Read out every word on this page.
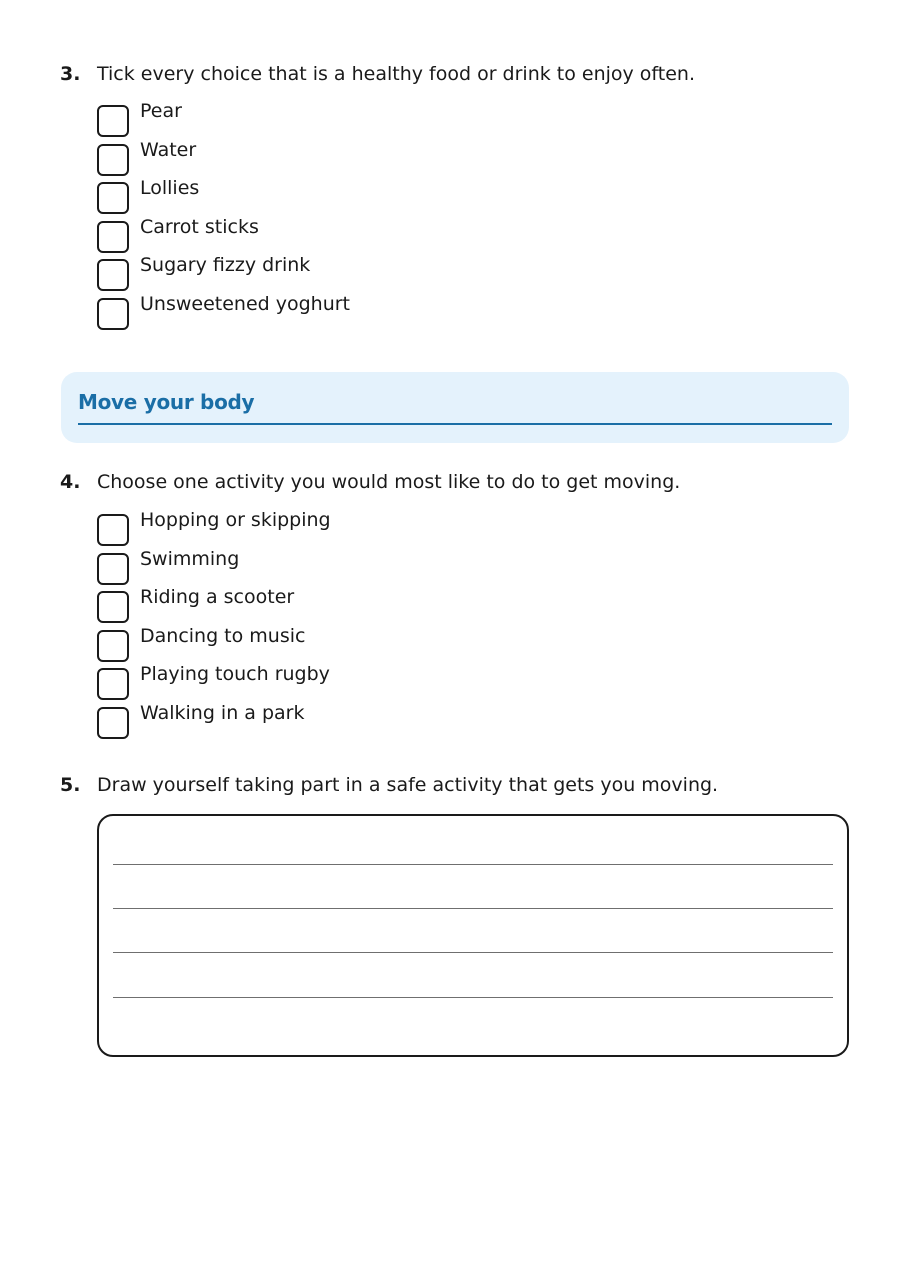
3. Tick every choice that is a healthy food or drink to enjoy often.
Pear
Water
Lollies
Carrot sticks
Sugary fizzy drink
Unsweetened yoghurt
Move your body
4. Choose one activity you would most like to do to get moving.
Hopping or skipping
Swimming
Riding a scooter
Dancing to music
Playing touch rugby
Walking in a park
5. Draw yourself taking part in a safe activity that gets you moving.
